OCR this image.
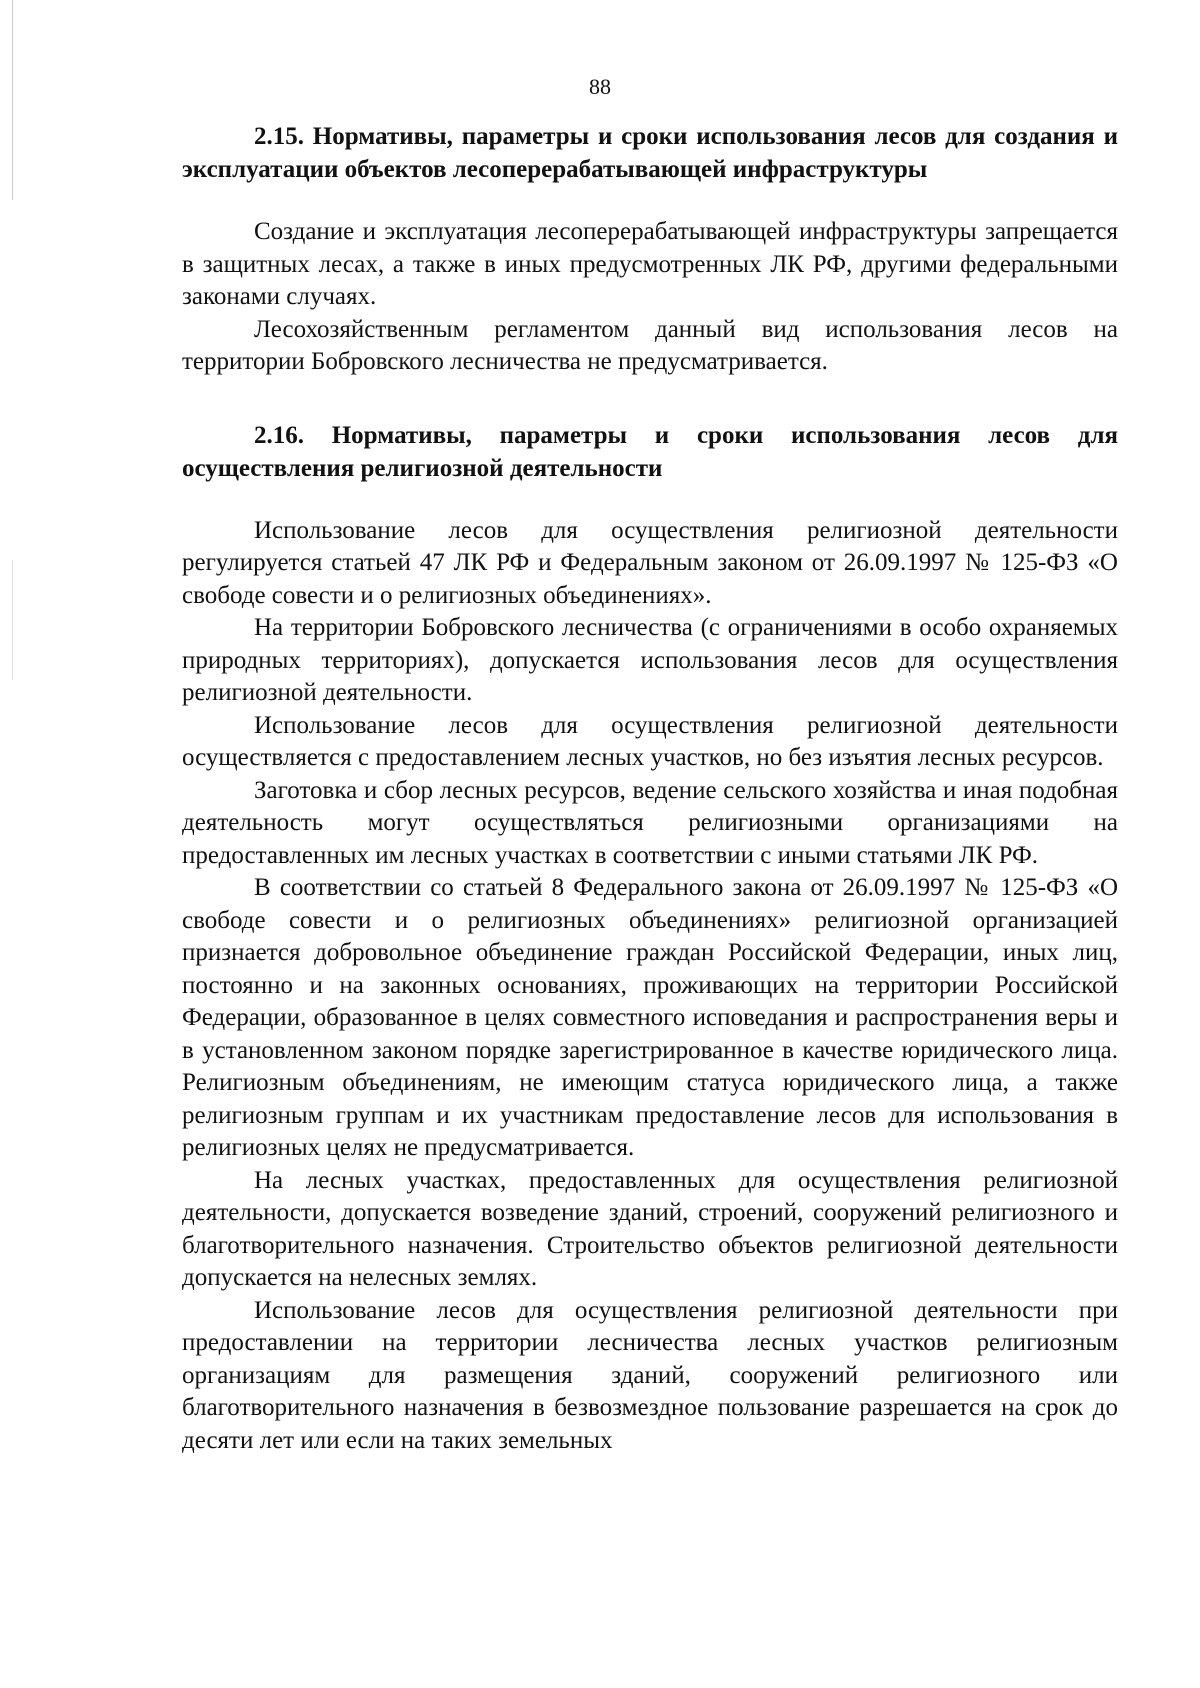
88
2.15. Нормативы, параметры и сроки использования лесов для создания и эксплуатации объектов лесоперерабатывающей инфраструктуры

Создание и эксплуатация лесоперерабатывающей инфраструктуры запрещается в защитных лесах, а также в иных предусмотренных ЛК РФ, другими федеральными законами случаях.

Лесохозяйственным регламентом данный вид использования лесов на территории Бобровского лесничества не предусматривается.

2.16. Нормативы, параметры и сроки использования лесов для осуществления религиозной деятельности

Использование лесов для осуществления религиозной деятельности регулируется статьей 47 ЛК РФ и Федеральным законом от 26.09.1997 № 125-ФЗ «О свободе совести и о религиозных объединениях».

На территории Бобровского лесничества (с ограничениями в особо охраняемых природных территориях), допускается использования лесов для осуществления религиозной деятельности.

Использование лесов для осуществления религиозной деятельности осуществляется с предоставлением лесных участков, но без изъятия лесных ресурсов.

Заготовка и сбор лесных ресурсов, ведение сельского хозяйства и иная подобная деятельность могут осуществляться религиозными организациями на предоставленных им лесных участках в соответствии с иными статьями ЛК РФ.

В соответствии со статьей 8 Федерального закона от 26.09.1997 № 125-ФЗ «О свободе совести и о религиозных объединениях» религиозной организацией признается добровольное объединение граждан Российской Федерации, иных лиц, постоянно и на законных основаниях, проживающих на территории Российской Федерации, образованное в целях совместного исповедания и распространения веры и в установленном законом порядке зарегистрированное в качестве юридического лица. Религиозным объединениям, не имеющим статуса юридического лица, а также религиозным группам и их участникам предоставление лесов для использования в религиозных целях не предусматривается.

На лесных участках, предоставленных для осуществления религиозной деятельности, допускается возведение зданий, строений, сооружений религиозного и благотворительного назначения. Строительство объектов религиозной деятельности допускается на нелесных землях.

Использование лесов для осуществления религиозной деятельности при предоставлении на территории лесничества лесных участков религиозным организациям для размещения зданий, сооружений религиозного или благотворительного назначения в безвозмездное пользование разрешается на срок до десяти лет или если на таких земельных
